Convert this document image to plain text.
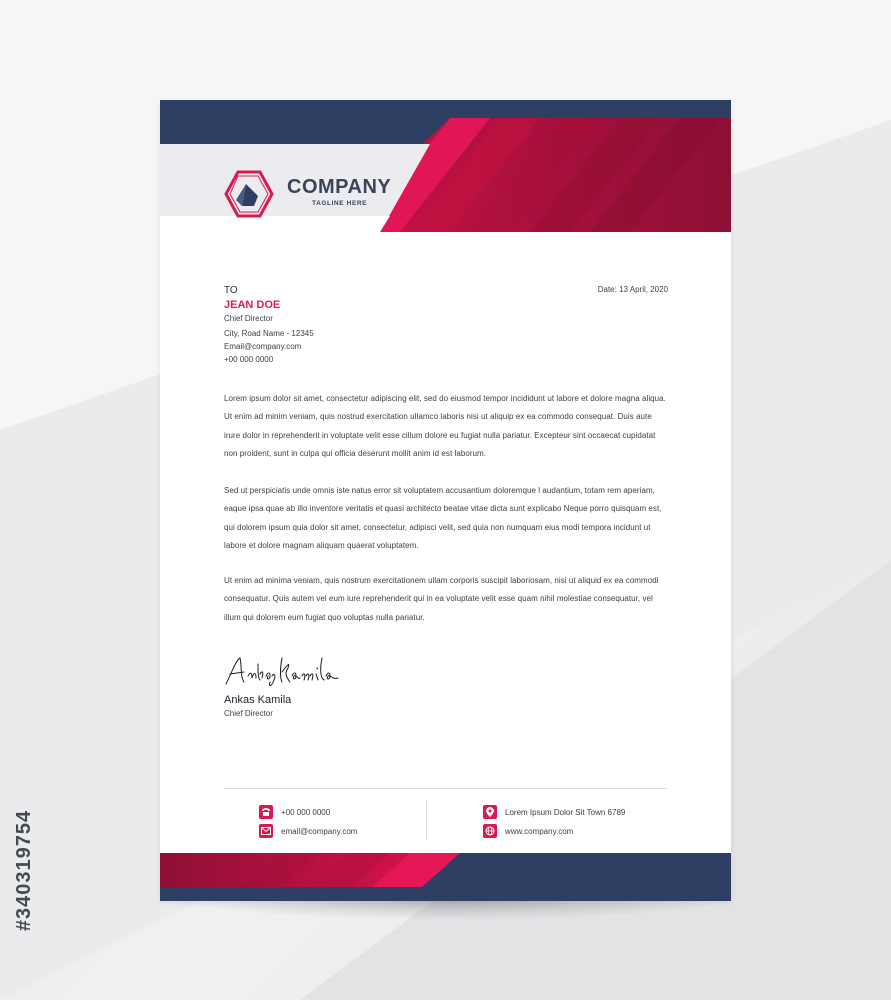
#340319754
COMPANY
TAGLINE HERE
TO
JEAN DOE
Chief Director
City, Road Name - 12345
Email@company.com
+00 000 0000
Date: 13 April, 2020

Lorem ipsum dolor sit amet, consectetur adipiscing elit, sed do eiusmod tempor incididunt ut labore et dolore magna aliqua. Ut enim ad minim veniam, quis nostrud exercitation ullamco laboris nisi ut aliquip ex ea commodo consequat. Duis aute irure dolor in reprehenderit in voluptate velit esse cillum dolore eu fugiat nulla pariatur. Excepteur sint occaecat cupidatat non proident, sunt in culpa qui officia deserunt mollit anim id est laborum.

Sed ut perspiciatis unde omnis iste natus error sit voluptatem accusantium doloremque l audantium, totam rem aperiam, eaque ipsa quae ab illo inventore veritatis et quasi architecto beatae vitae dicta sunt explicabo Neque porro quisquam est, qui dolorem ipsum quia dolor sit amet, consectetur, adipisci velit, sed quia non numquam eius modi tempora incidunt ut labore et dolore magnam aliquam quaerat voluptatem.

Ut enim ad minima veniam, quis nostrum exercitationem ullam corporis suscipit laboriosam, nisi ut aliquid ex ea commodi consequatur. Quis autem vel eum iure reprehenderit qui in ea voluptate velit esse quam nihil molestiae consequatur, vel illum qui dolorem eum fugiat quo voluptas nulla pariatur.

Ankas Kamila
Chief Director
+00 000 0000
email@company.com
Lorem Ipsum Dolor Sit Town 6789
www.company.com
